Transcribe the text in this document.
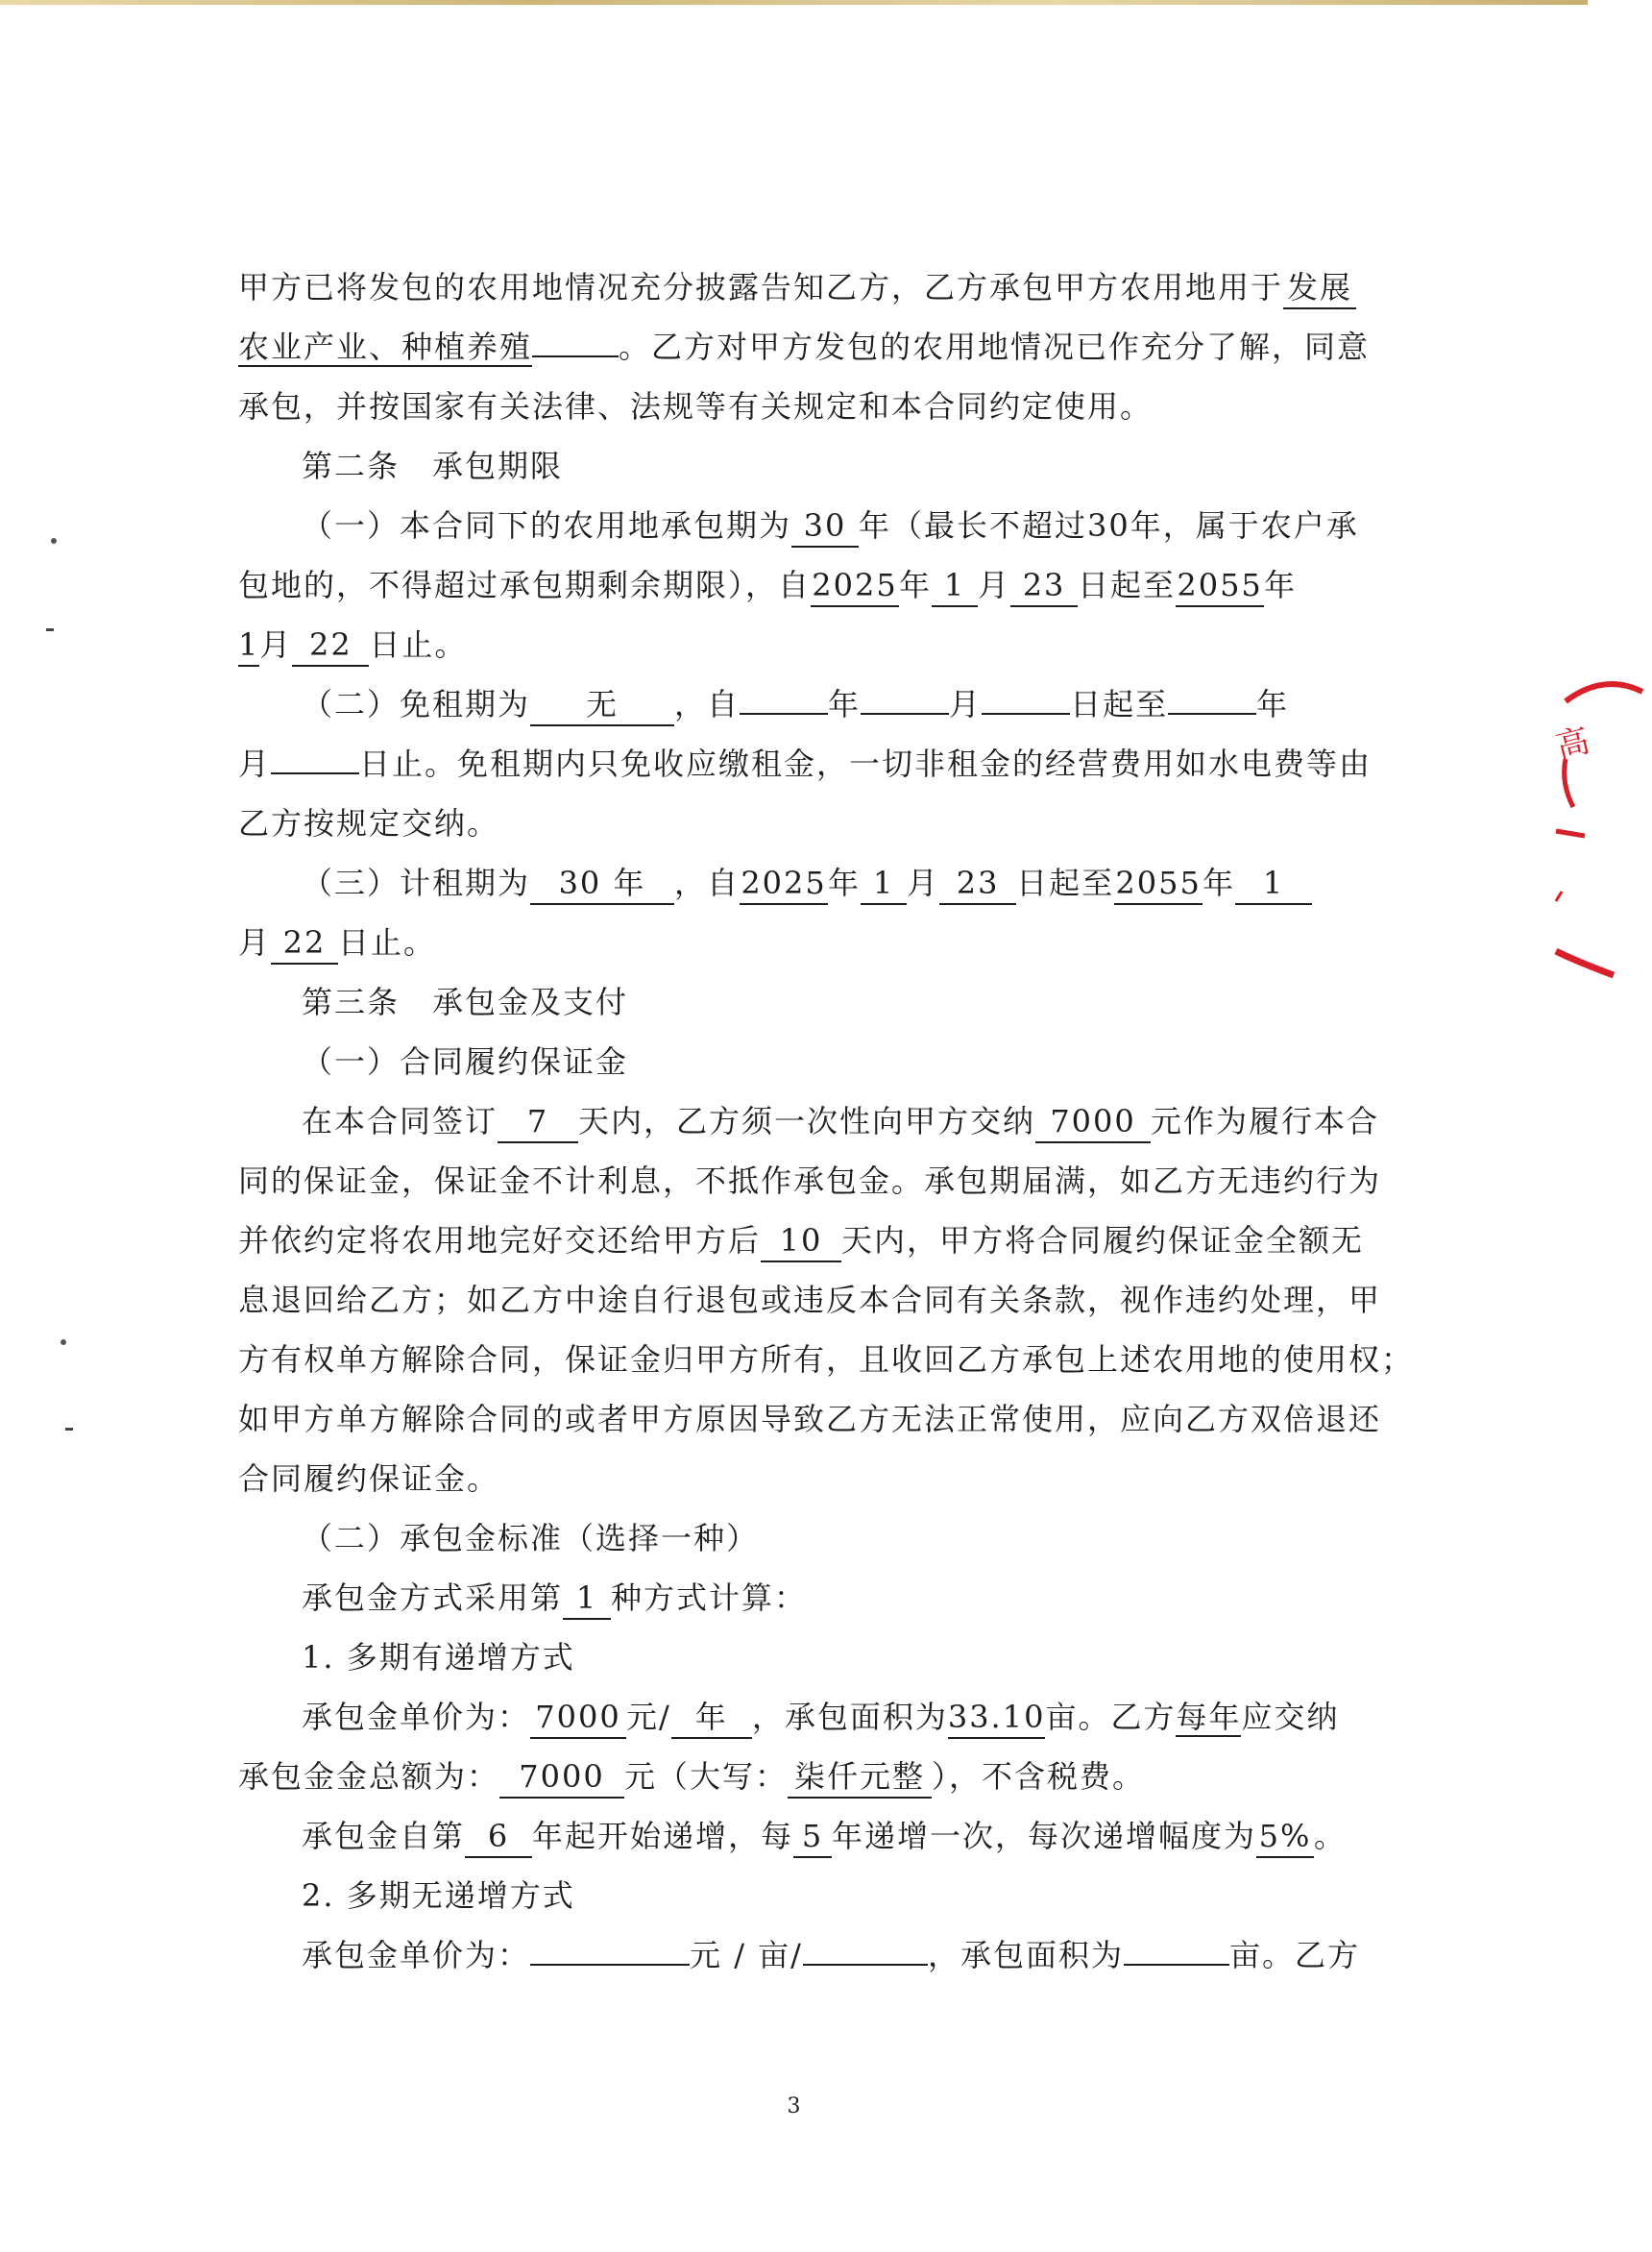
甲方已将发包的农用地情况充分披露告知乙方，乙方承包甲方农用地用于发展
农业产业、种植养殖	。乙方对甲方发包的农用地情况已作充分了解，同意
承包，并按国家有关法律、法规等有关规定和本合同约定使用。
第二条　承包期限
（一）本合同下的农用地承包期为 30 年（最长不超过30年，属于农户承
包地的，不得超过承包期剩余期限），自2025年 1 月 23 日起至2055年
1月 22 日止。
（二）免租期为 无 ，自	年	月	日起至	年
月	日止。免租期内只免收应缴租金，一切非租金的经营费用如水电费等由
乙方按规定交纳。
（三）计租期为 30 年 ，自2025年 1 月 23 日起至2055年 1
月 22 日止。
第三条　承包金及支付
（一）合同履约保证金
在本合同签订 7 天内，乙方须一次性向甲方交纳 7000 元作为履行本合
同的保证金，保证金不计利息，不抵作承包金。承包期届满，如乙方无违约行为
并依约定将农用地完好交还给甲方后 10 天内，甲方将合同履约保证金全额无
息退回给乙方；如乙方中途自行退包或违反本合同有关条款，视作违约处理，甲
方有权单方解除合同，保证金归甲方所有，且收回乙方承包上述农用地的使用权；
如甲方单方解除合同的或者甲方原因导致乙方无法正常使用，应向乙方双倍退还
合同履约保证金。
（二）承包金标准（选择一种）
承包金方式采用第 1 种方式计算：
1. 多期有递增方式
承包金单价为： 7000 元/ 年 ，承包面积为33.10亩。乙方每年应交纳
承包金金总额为： 7000 元（大写： 柒仟元整 ），不含税费。
承包金自第 6 年起开始递增，每 5 年递增一次，每次递增幅度为5%。
2. 多期无递增方式
承包金单价为：	元 / 亩/	，承包面积为	亩。乙方
高
3
